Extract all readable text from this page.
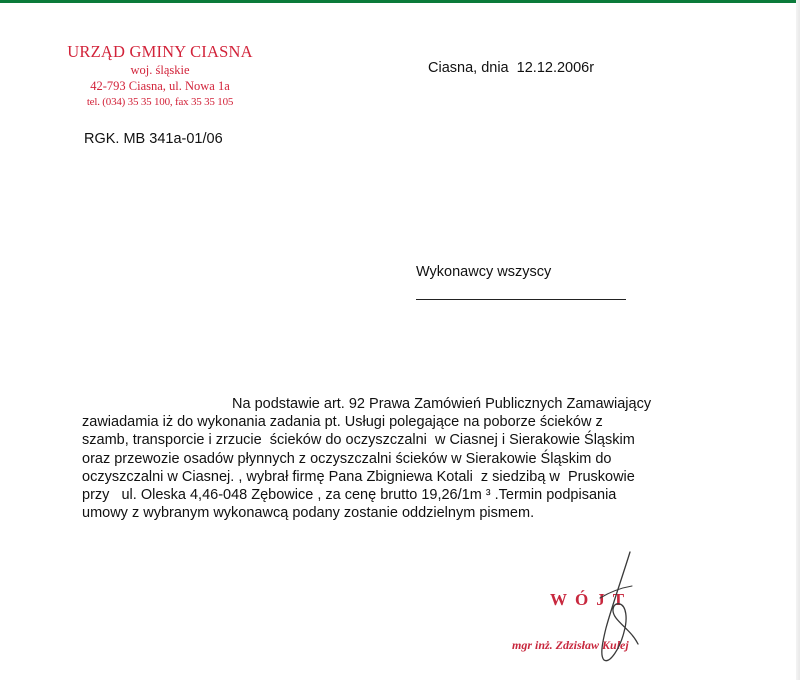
URZĄD GMINY CIASNA
woj. śląskie
42-793 Ciasna, ul. Nowa 1a
tel. (034) 35 35 100, fax 35 35 105
RGK. MB 341a-01/06
Ciasna, dnia  12.12.2006r
Wykonawcy wszyscy
Na podstawie art. 92 Prawa Zamówień Publicznych Zamawiający
zawiadamia iż do wykonania zadania pt. Usługi polegające na poborze ścieków z
szamb, transporcie i zrzucie  ścieków do oczyszczalni  w Ciasnej i Sierakowie Śląskim
oraz przewozie osadów płynnych z oczyszczalni ścieków w Sierakowie Śląskim do
oczyszczalni w Ciasnej. , wybrał firmę Pana Zbigniewa Kotali  z siedzibą w  Pruskowie
przy   ul. Oleska 4,46-048 Zębowice , za cenę brutto 19,26/1m ³ .Termin podpisania
umowy z wybranym wykonawcą podany zostanie oddzielnym pismem.
WÓJT
mgr inż. Zdzisław Kulej
